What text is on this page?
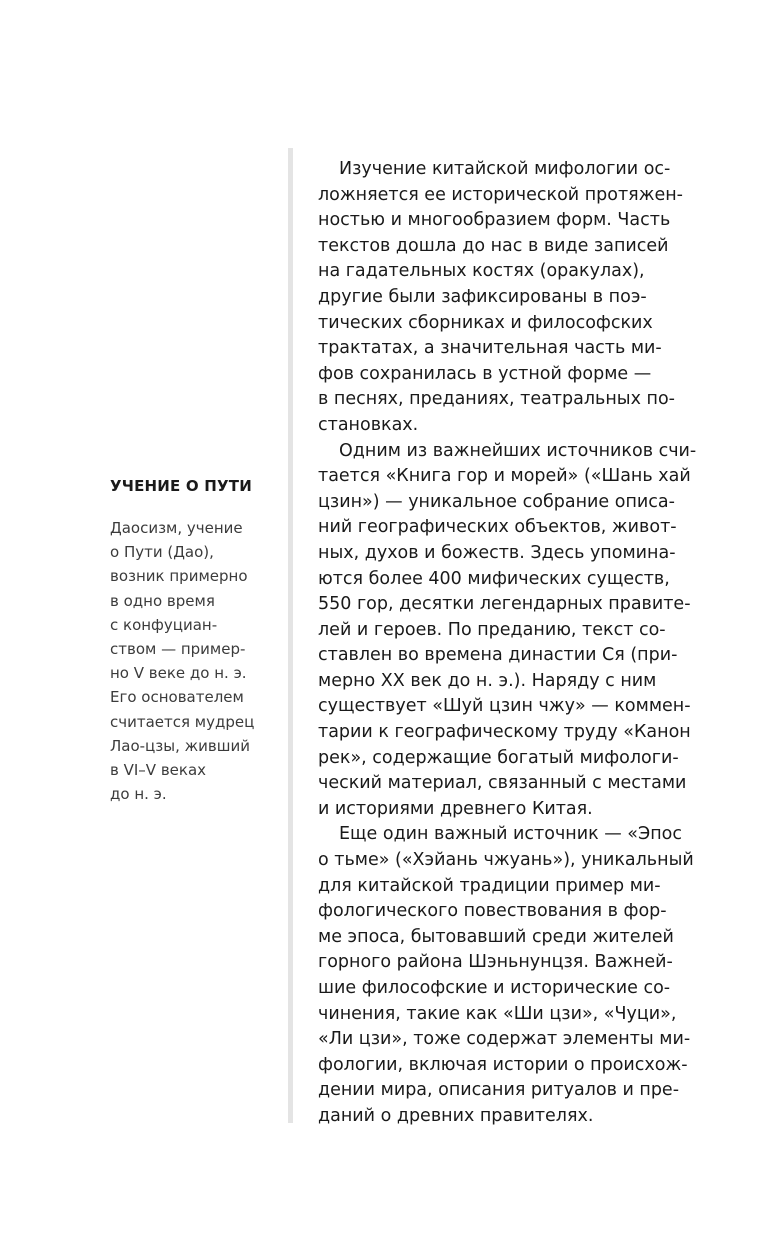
УЧЕНИЕ О ПУТИ
Даосизм, учение
о Пути (Дао),
возник примерно
в одно время
с конфуциан-
ством — пример-
но V веке до н. э.
Его основателем
считается мудрец
Лао-цзы, живший
в VI–V веках
до н. э.
Изучение китайской мифологии ос-
ложняется ее исторической протяжен-
ностью и многообразием форм. Часть
текстов дошла до нас в виде записей
на гадательных костях (оракулах),
другие были зафиксированы в поэ-
тических сборниках и философских
трактатах, а значительная часть ми-
фов сохранилась в устной форме —
в песнях, преданиях, театральных по-
становках.
Одним из важнейших источников счи-
тается «Книга гор и морей» («Шань хай
цзин») — уникальное собрание описа-
ний географических объектов, живот-
ных, духов и божеств. Здесь упомина-
ются более 400 мифических существ,
550 гор, десятки легендарных правите-
лей и героев. По преданию, текст со-
ставлен во времена династии Ся (при-
мерно XX век до н. э.). Наряду с ним
существует «Шуй цзин чжу» — коммен-
тарии к географическому труду «Канон
рек», содержащие богатый мифологи-
ческий материал, связанный с местами
и историями древнего Китая.
Еще один важный источник — «Эпос
о тьме» («Хэйань чжуань»), уникальный
для китайской традиции пример ми-
фологического повествования в фор-
ме эпоса, бытовавший среди жителей
горного района Шэньнунцзя. Важней-
шие философские и исторические со-
чинения, такие как «Ши цзи», «Чуци»,
«Ли цзи», тоже содержат элементы ми-
фологии, включая истории о происхож-
дении мира, описания ритуалов и пре-
даний о древних правителях.
